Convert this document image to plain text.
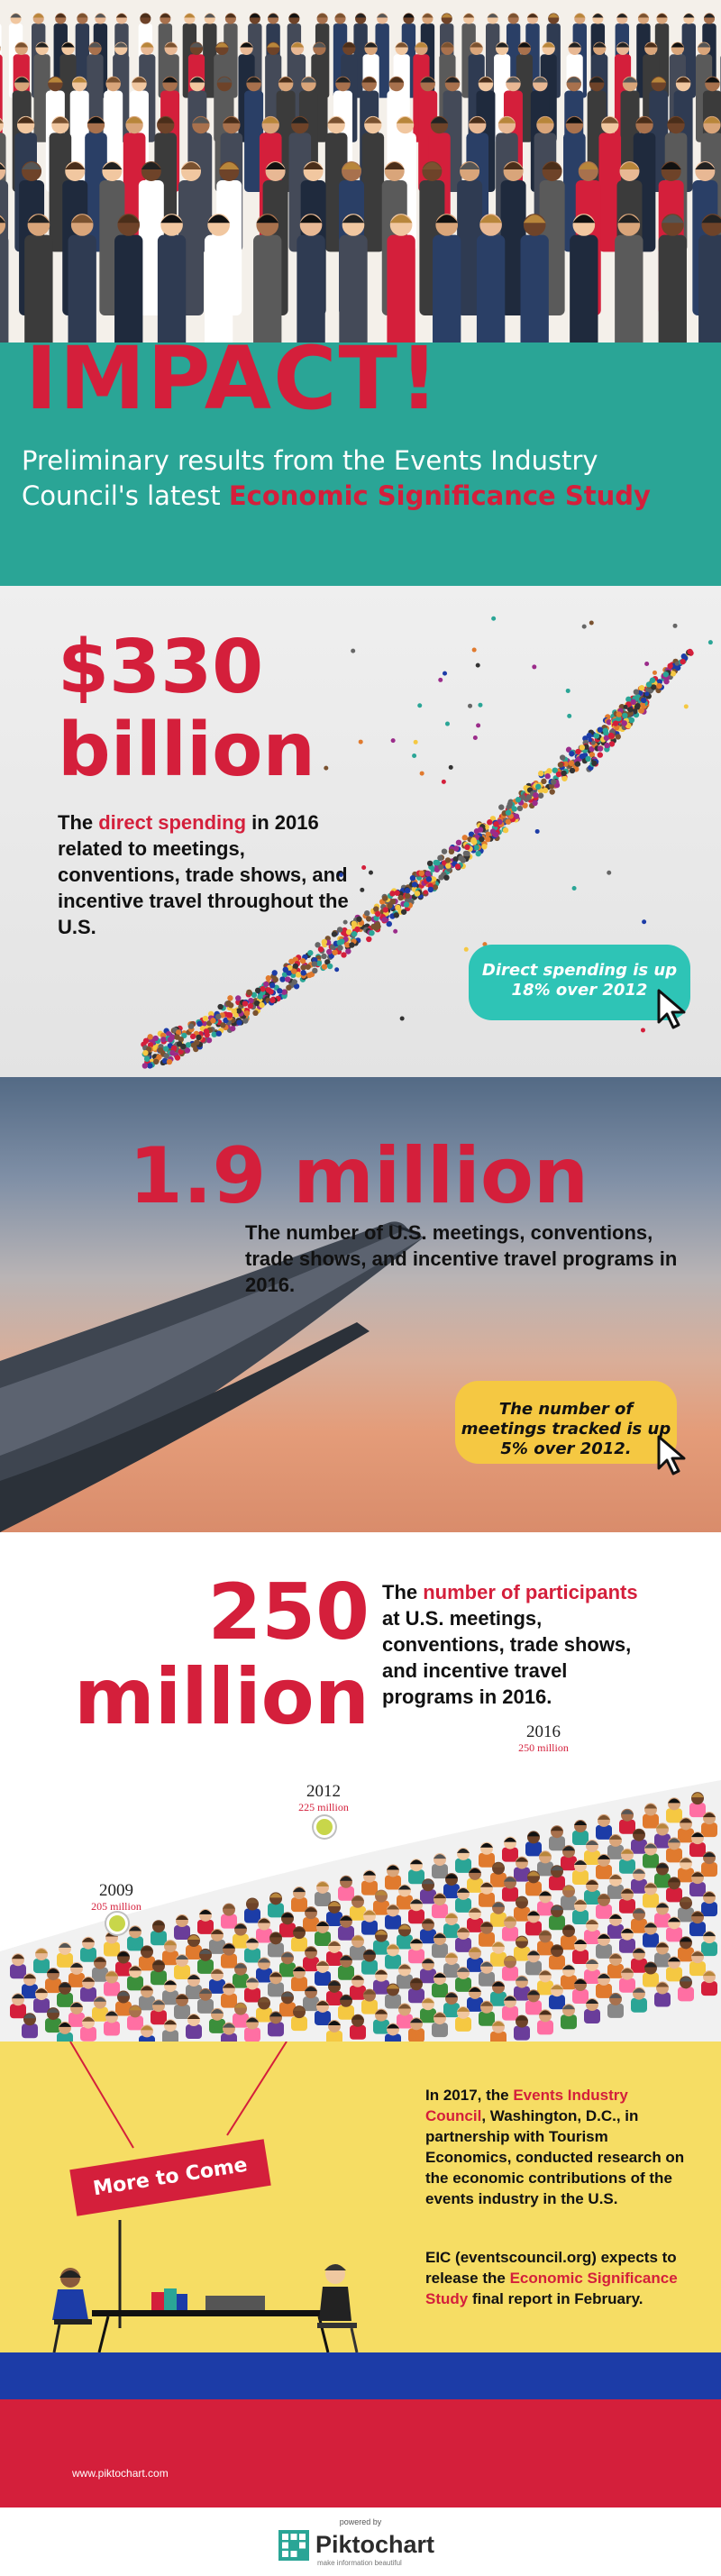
IMPACT!
Preliminary results from the Events Industry Council's latest Economic Significance Study
$330
billion
The direct spending in 2016 related to meetings, conventions, trade shows, and incentive travel throughout the U.S.
Direct spending is up 18% over 2012
1.9 million
The number of U.S. meetings, conventions, trade shows, and incentive travel programs in 2016.
The number of meetings tracked is up 5% over 2012.
250
million
The number of participants at U.S. meetings, conventions, trade shows, and incentive travel programs in 2016.
2009
205 million
2012
225 million
2016
250 million
More to Come

In 2017, the Events Industry Council, Washington, D.C., in partnership with Tourism Economics, conducted research on the economic contributions of the events industry in the U.S.

EIC (eventscouncil.org) expects to release the Economic Significance Study final report in February.

www.piktochart.com
powered by
Piktochart
make information beautiful
